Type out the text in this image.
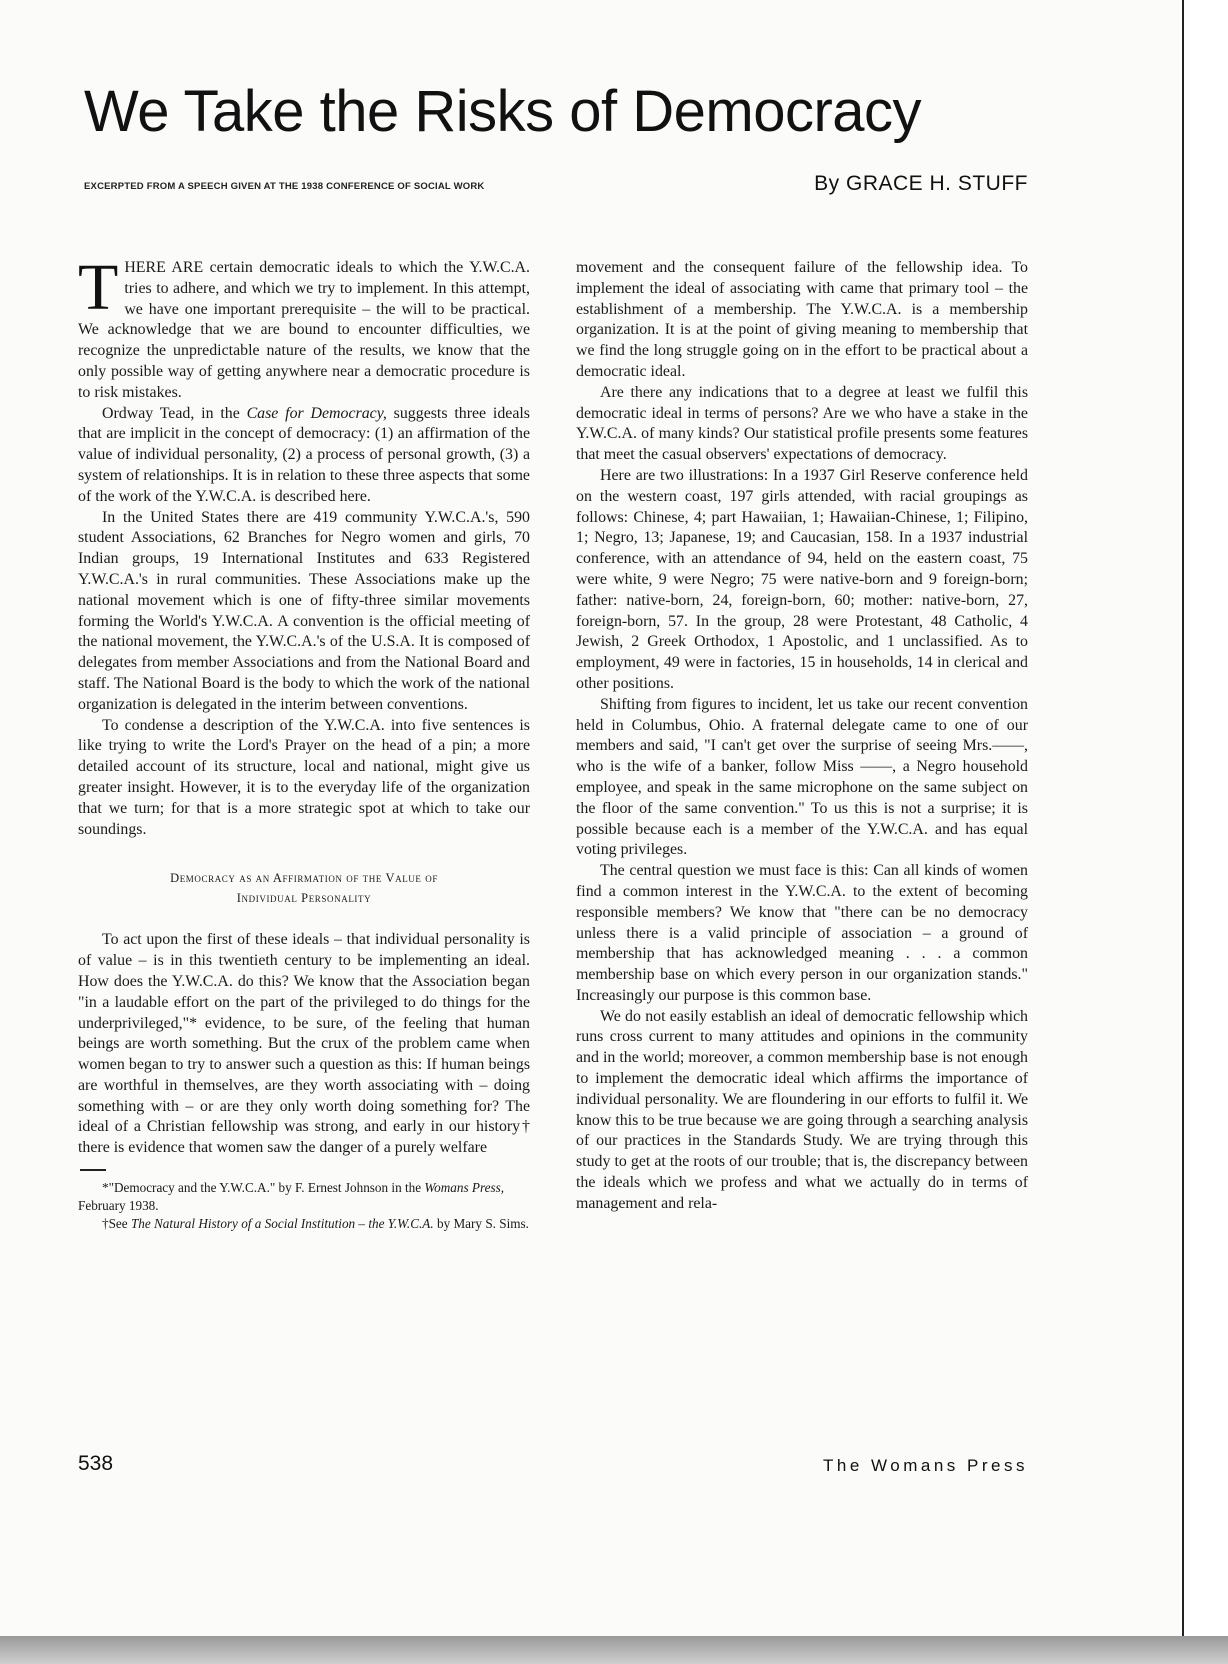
We Take the Risks of Democracy
EXCERPTED FROM A SPEECH GIVEN AT THE 1938 CONFERENCE OF SOCIAL WORK	By GRACE H. STUFF

THERE ARE certain democratic ideals to which the Y.W.C.A. tries to adhere, and which we try to implement. In this attempt, we have one important prerequisite – the will to be practical. We acknowledge that we are bound to encounter difficulties, we recognize the unpredictable nature of the results, we know that the only possible way of getting anywhere near a democratic procedure is to risk mistakes.

Ordway Tead, in the Case for Democracy, suggests three ideals that are implicit in the concept of democracy: (1) an affirmation of the value of individual personality, (2) a process of personal growth, (3) a system of relationships. It is in relation to these three aspects that some of the work of the Y.W.C.A. is described here.

In the United States there are 419 community Y.W.C.A.'s, 590 student Associations, 62 Branches for Negro women and girls, 70 Indian groups, 19 International Institutes and 633 Registered Y.W.C.A.'s in rural communities. These Associations make up the national movement which is one of fifty-three similar movements forming the World's Y.W.C.A. A convention is the official meeting of the national movement, the Y.W.C.A.'s of the U.S.A. It is composed of delegates from member Associations and from the National Board and staff. The National Board is the body to which the work of the national organization is delegated in the interim between conventions.

To condense a description of the Y.W.C.A. into five sentences is like trying to write the Lord's Prayer on the head of a pin; a more detailed account of its structure, local and national, might give us greater insight. However, it is to the everyday life of the organization that we turn; for that is a more strategic spot at which to take our soundings.

Democracy as an Affirmation of the Value of
Individual Personality

To act upon the first of these ideals – that individual personality is of value – is in this twentieth century to be implementing an ideal. How does the Y.W.C.A. do this? We know that the Association began "in a laudable effort on the part of the privileged to do things for the underprivileged,"* evidence, to be sure, of the feeling that human beings are worth something. But the crux of the problem came when women began to try to answer such a question as this: If human beings are worthful in themselves, are they worth associating with – doing something with – or are they only worth doing something for? The ideal of a Christian fellowship was strong, and early in our history† there is evidence that women saw the danger of a purely welfare

*"Democracy and the Y.W.C.A." by F. Ernest Johnson in the Womans Press, February 1938.

†See The Natural History of a Social Institution – the Y.W.C.A. by Mary S. Sims.

movement and the consequent failure of the fellowship idea. To implement the ideal of associating with came that primary tool – the establishment of a membership. The Y.W.C.A. is a membership organization. It is at the point of giving meaning to membership that we find the long struggle going on in the effort to be practical about a democratic ideal.

Are there any indications that to a degree at least we fulfil this democratic ideal in terms of persons? Are we who have a stake in the Y.W.C.A. of many kinds? Our statistical profile presents some features that meet the casual observers' expectations of democracy.

Here are two illustrations: In a 1937 Girl Reserve conference held on the western coast, 197 girls attended, with racial groupings as follows: Chinese, 4; part Hawaiian, 1; Hawaiian-Chinese, 1; Filipino, 1; Negro, 13; Japanese, 19; and Caucasian, 158. In a 1937 industrial conference, with an attendance of 94, held on the eastern coast, 75 were white, 9 were Negro; 75 were native-born and 9 foreign-born; father: native-born, 24, foreign-born, 60; mother: native-born, 27, foreign-born, 57. In the group, 28 were Protestant, 48 Catholic, 4 Jewish, 2 Greek Orthodox, 1 Apostolic, and 1 unclassified. As to employment, 49 were in factories, 15 in households, 14 in clerical and other positions.

Shifting from figures to incident, let us take our recent convention held in Columbus, Ohio. A fraternal delegate came to one of our members and said, "I can't get over the surprise of seeing Mrs.——, who is the wife of a banker, follow Miss ——, a Negro household employee, and speak in the same microphone on the same subject on the floor of the same convention." To us this is not a surprise; it is possible because each is a member of the Y.W.C.A. and has equal voting privileges.

The central question we must face is this: Can all kinds of women find a common interest in the Y.W.C.A. to the extent of becoming responsible members? We know that "there can be no democracy unless there is a valid principle of association – a ground of membership that has acknowledged meaning . . . a common membership base on which every person in our organization stands." Increasingly our purpose is this common base.

We do not easily establish an ideal of democratic fellowship which runs cross current to many attitudes and opinions in the community and in the world; moreover, a common membership base is not enough to implement the democratic ideal which affirms the importance of individual personality. We are floundering in our efforts to fulfil it. We know this to be true because we are going through a searching analysis of our practices in the Standards Study. We are trying through this study to get at the roots of our trouble; that is, the discrepancy between the ideals which we profess and what we actually do in terms of management and rela-

538	The Womans Press
